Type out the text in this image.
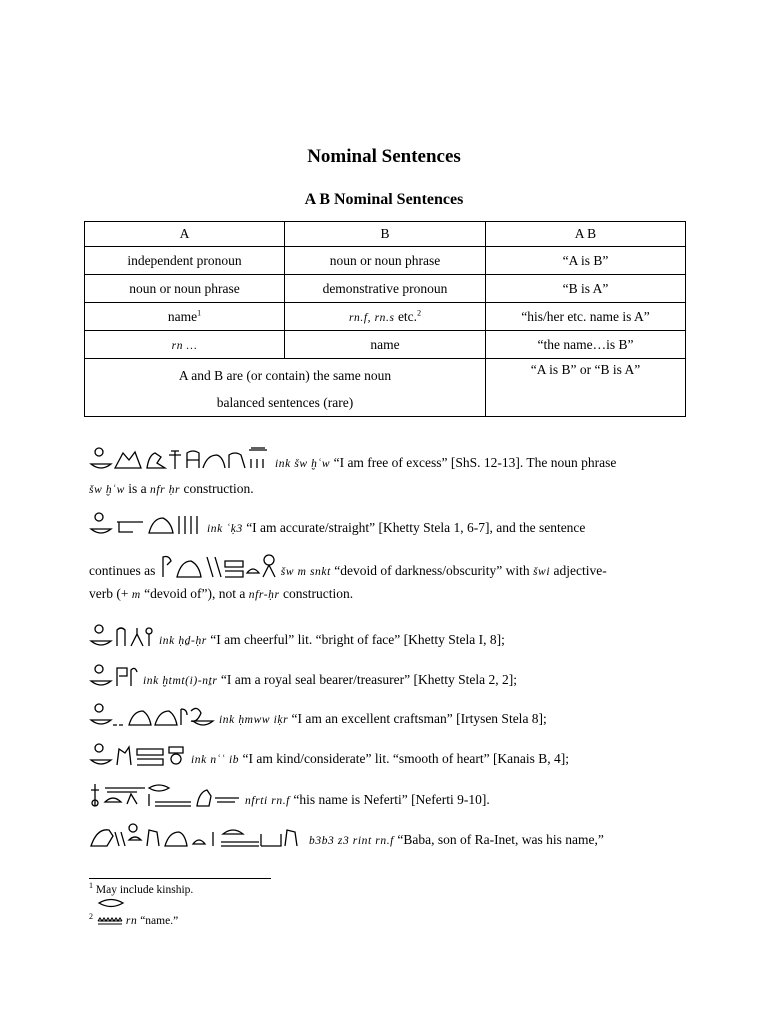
Nominal Sentences
A B Nominal Sentences
A	B	A B
independent pronoun	noun or noun phrase	“A is B”
noun or noun phrase	demonstrative pronoun	“B is A”
name$^1$	rn.f, rn.s etc.$^2$	“his/her etc. name is A”
rn …	name	“the name…is B”

A and B are (or contain) the same noun
balanced sentences (rare)		“A is B” or “B is A”
ink šw ḫʿw “I am free of excess” [ShS. 12-13]. The noun phrase
šw ḫʿw is a nfr ḥr construction.
ink ʿḳ3 “I am accurate/straight” [Khetty Stela 1, 6-7], and the sentence
continues as	šw m snkt “devoid of darkness/obscurity” with šwi adjective-
verb (+ m “devoid of”), not a nfr-ḥr construction.
ink ḥḏ-ḥr “I am cheerful” lit. “bright of face” [Khetty Stela I, 8];
ink ḫtmt(i)-nṯr “I am a royal seal bearer/treasurer” [Khetty Stela 2, 2];
ink ḥmww iḳr “I am an excellent craftsman” [Irtysen Stela 8];
ink nʿʿ ib “I am kind/considerate” lit. “smooth of heart” [Kanais B, 4];
nfrti rn.f “his name is Neferti” [Neferti 9-10].
b3b3 z3 rint rn.f “Baba, son of Ra-Inet, was his name,”
$^1$ May include kinship.
$^2$	rn “name.”
